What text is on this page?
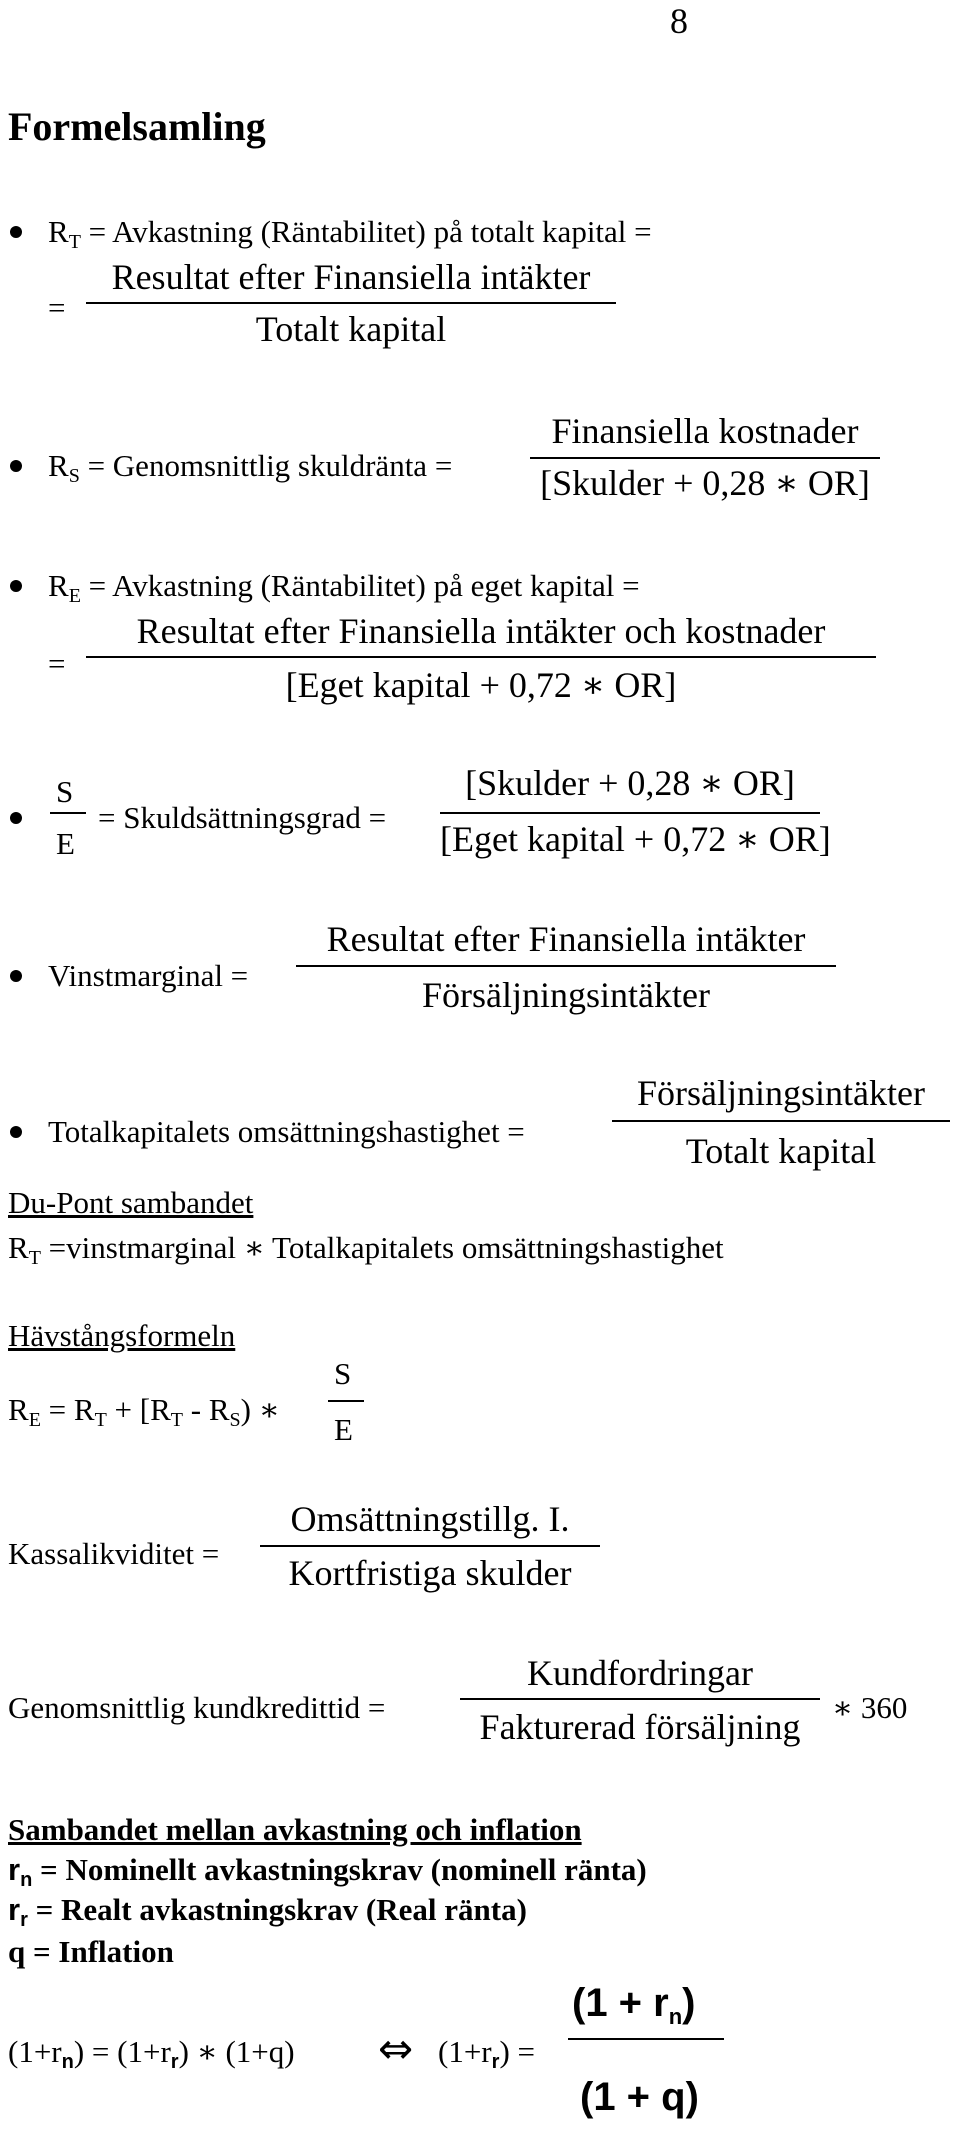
8
Formelsamling
$R_T$ = Avkastning (Räntabilitet) på totalt kapital =
=
Resultat efter Finansiella intäkter
Totalt kapital
$R_S$ = Genomsnittlig skuldränta =
Finansiella kostnader
[Skulder + 0,28 ∗ OR]
$R_E$ = Avkastning (Räntabilitet) på eget kapital =
=
Resultat efter Finansiella intäkter och kostnader
[Eget kapital + 0,72 ∗ OR]
S
E
= Skuldsättningsgrad =
[Skulder + 0,28 ∗ OR]
[Eget kapital + 0,72 ∗ OR]
Vinstmarginal =
Resultat efter Finansiella intäkter
Försäljningsintäkter
Totalkapitalets omsättningshastighet =
Försäljningsintäkter
Totalt kapital
Du-Pont sambandet
$R_T$ =vinstmarginal ∗ Totalkapitalets omsättningshastighet
Hävstångsformeln
$R_E = R_T + [R_T - R_S)$ ∗
S
E
Kassalikviditet =
Omsättningstillg. I.
Kortfristiga skulder
Genomsnittlig kundkredittid =
Kundfordringar
Fakturerad försäljning	∗ 360
Sambandet mellan avkastning och inflation
$r_n$ = Nominellt avkastningskrav (nominell ränta)
$r_r$ = Realt avkastningskrav (Real ränta)
q = Inflation
$(1+r_n) = (1+r_r)$ ∗ (1+q) ⇔ $(1+r_r)$ =
$(1 + r_n)$
(1 + q)
